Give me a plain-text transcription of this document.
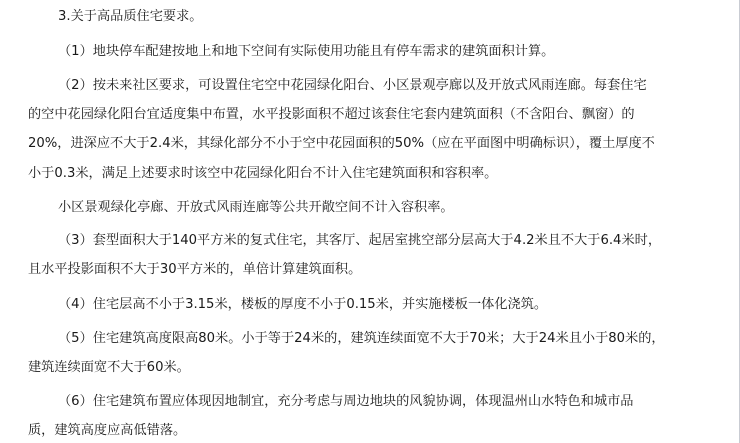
3.关于高品质住宅要求。
（1）地块停车配建按地上和地下空间有实际使用功能且有停车需求的建筑面积计算。
（2）按未来社区要求，可设置住宅空中花园绿化阳台、小区景观亭廊以及开放式风雨连廊。每套住宅
的空中花园绿化阳台宜适度集中布置，水平投影面积不超过该套住宅套内建筑面积（不含阳台、飘窗）的
20%，进深应不大于2.4米，其绿化部分不小于空中花园面积的50%（应在平面图中明确标识），覆土厚度不
小于0.3米，满足上述要求时该空中花园绿化阳台不计入住宅建筑面积和容积率。
小区景观绿化亭廊、开放式风雨连廊等公共开敞空间不计入容积率。
（3）套型面积大于140平方米的复式住宅，其客厅、起居室挑空部分层高大于4.2米且不大于6.4米时，
且水平投影面积不大于30平方米的，单倍计算建筑面积。
（4）住宅层高不小于3.15米，楼板的厚度不小于0.15米，并实施楼板一体化浇筑。
（5）住宅建筑高度限高80米。小于等于24米的，建筑连续面宽不大于70米；大于24米且小于80米的，
建筑连续面宽不大于60米。
（6）住宅建筑布置应体现因地制宜，充分考虑与周边地块的风貌协调，体现温州山水特色和城市品
质，建筑高度应高低错落。
